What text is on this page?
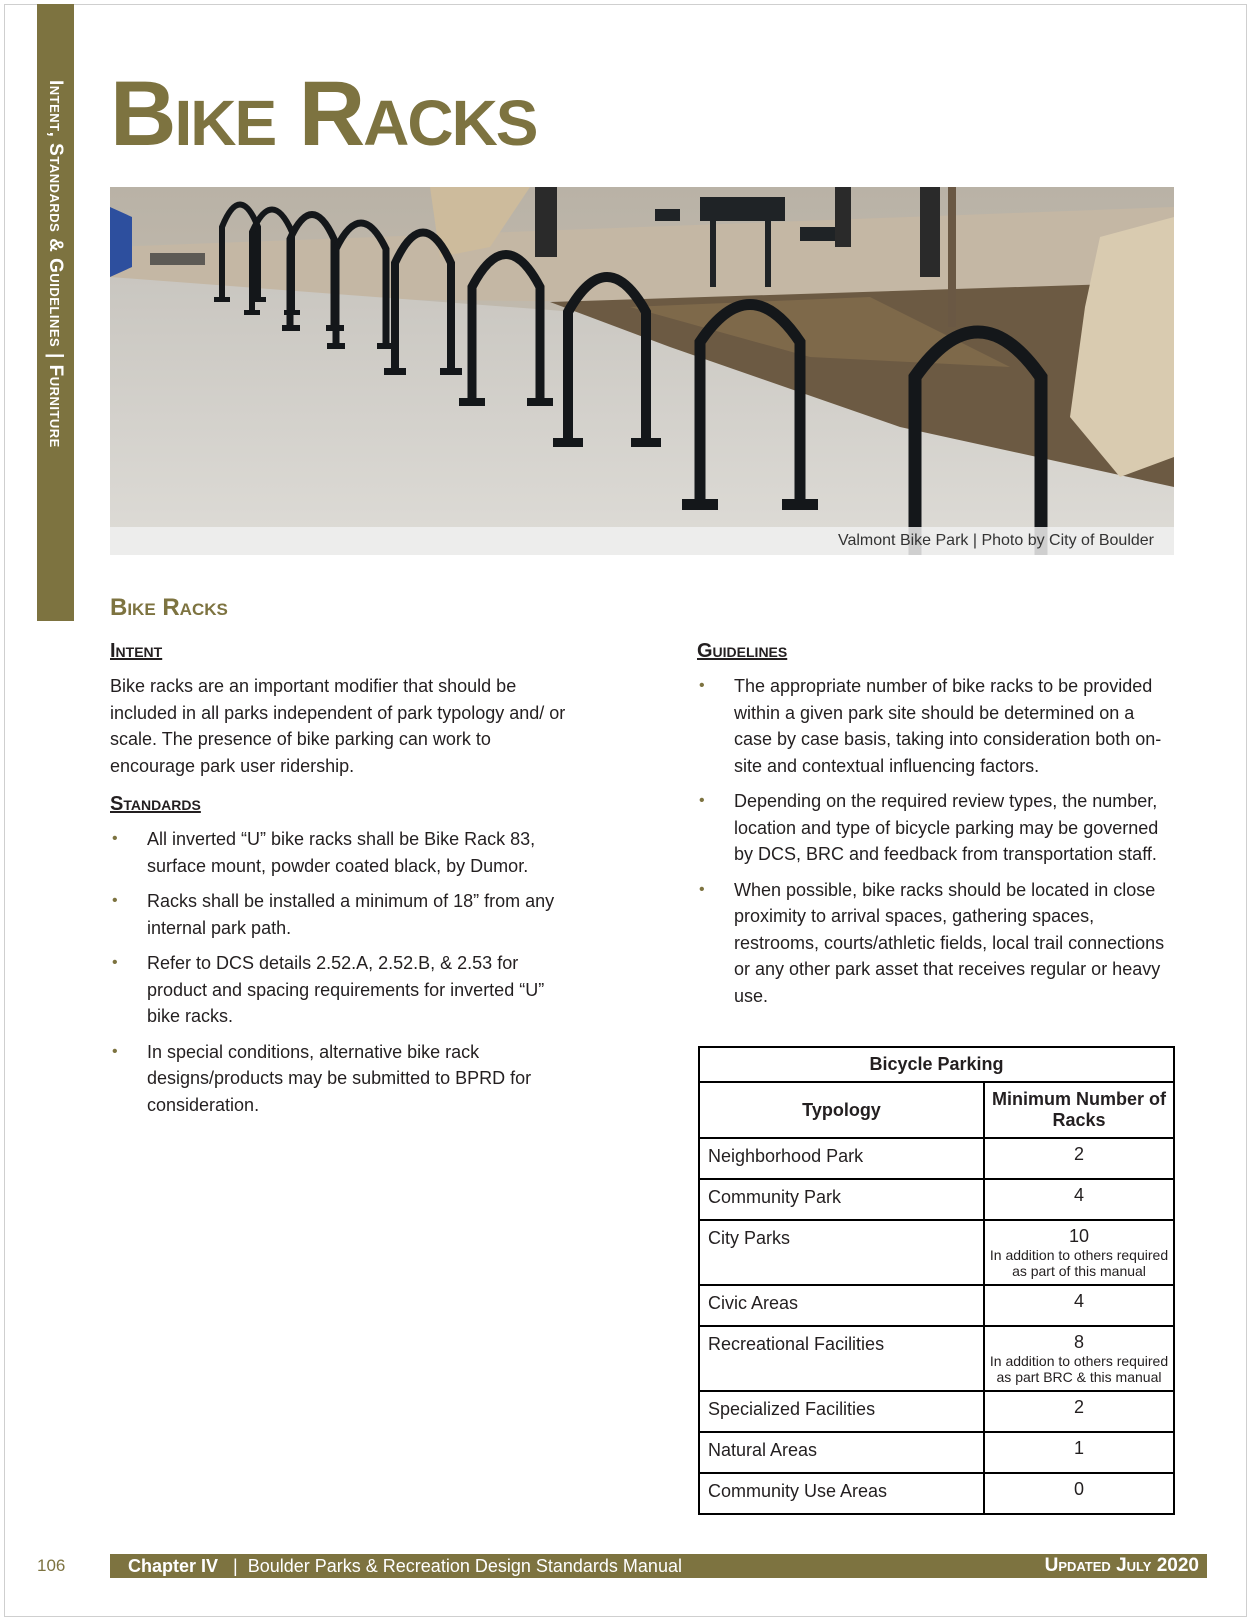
Intent, Standards & Guidelines | Furniture Bike Racks
Valmont Bike Park | Photo by City of Boulder
Bike Racks
Intent

Bike racks are an important modifier that should be included in all parks independent of park typology and/ or scale. The presence of bike parking can work to encourage park user ridership.

Standards
• All inverted “U” bike racks shall be Bike Rack 83, surface mount, powder coated black, by Dumor.
• Racks shall be installed a minimum of 18” from any internal park path.
• Refer to DCS details 2.52.A, 2.52.B, & 2.53 for product and spacing requirements for inverted “U” bike racks.
• In special conditions, alternative bike rack designs/products may be submitted to BPRD for consideration.
Guidelines
• The appropriate number of bike racks to be provided within a given park site should be determined on a case by case basis, taking into consideration both on-site and contextual influencing factors.
• Depending on the required review types, the number, location and type of bicycle parking may be governed by DCS, BRC and feedback from transportation staff.
• When possible, bike racks should be located in close proximity to arrival spaces, gathering spaces, restrooms, courts/athletic fields, local trail connections or any other park asset that receives regular or heavy use.
Bicycle Parking	
Typology	Minimum Number of Racks
Neighborhood Park	2
Community Park	4
City Parks	10
In addition to others required as part of this manual

Civic Areas	4
Recreational Facilities	8
In addition to others required as part BRC & this manual

Specialized Facilities	2
Natural Areas	1
Community Use Areas	0
106	Chapter IV   |  Boulder Parks & Recreation Design Standards Manual	Updated July 2020
